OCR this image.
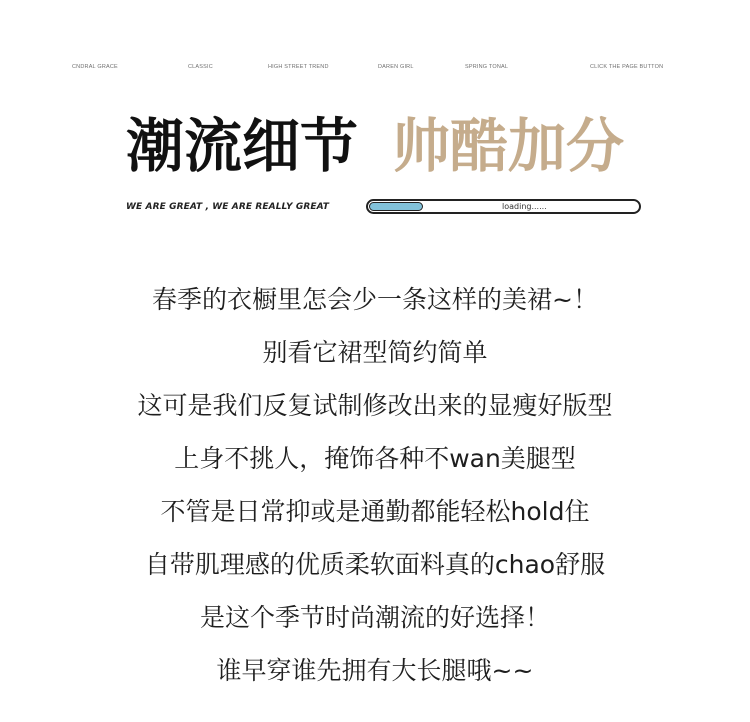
CNDRAL GRACE	CLASSIC	HIGH STREET TREND	DAREN GIRL	SPRING TONAL	CLICK THE PAGE BUTTON
潮流细节 帅酷加分
WE ARE GREAT , WE ARE REALLY GREAT	loading......
春季的衣橱里怎会少一条这样的美裙~！
别看它裙型简约简单
这可是我们反复试制修改出来的显瘦好版型
上身不挑人，掩饰各种不wan美腿型
不管是日常抑或是通勤都能轻松hold住
自带肌理感的优质柔软面料真的chao舒服
是这个季节时尚潮流的好选择！
谁早穿谁先拥有大长腿哦~~
